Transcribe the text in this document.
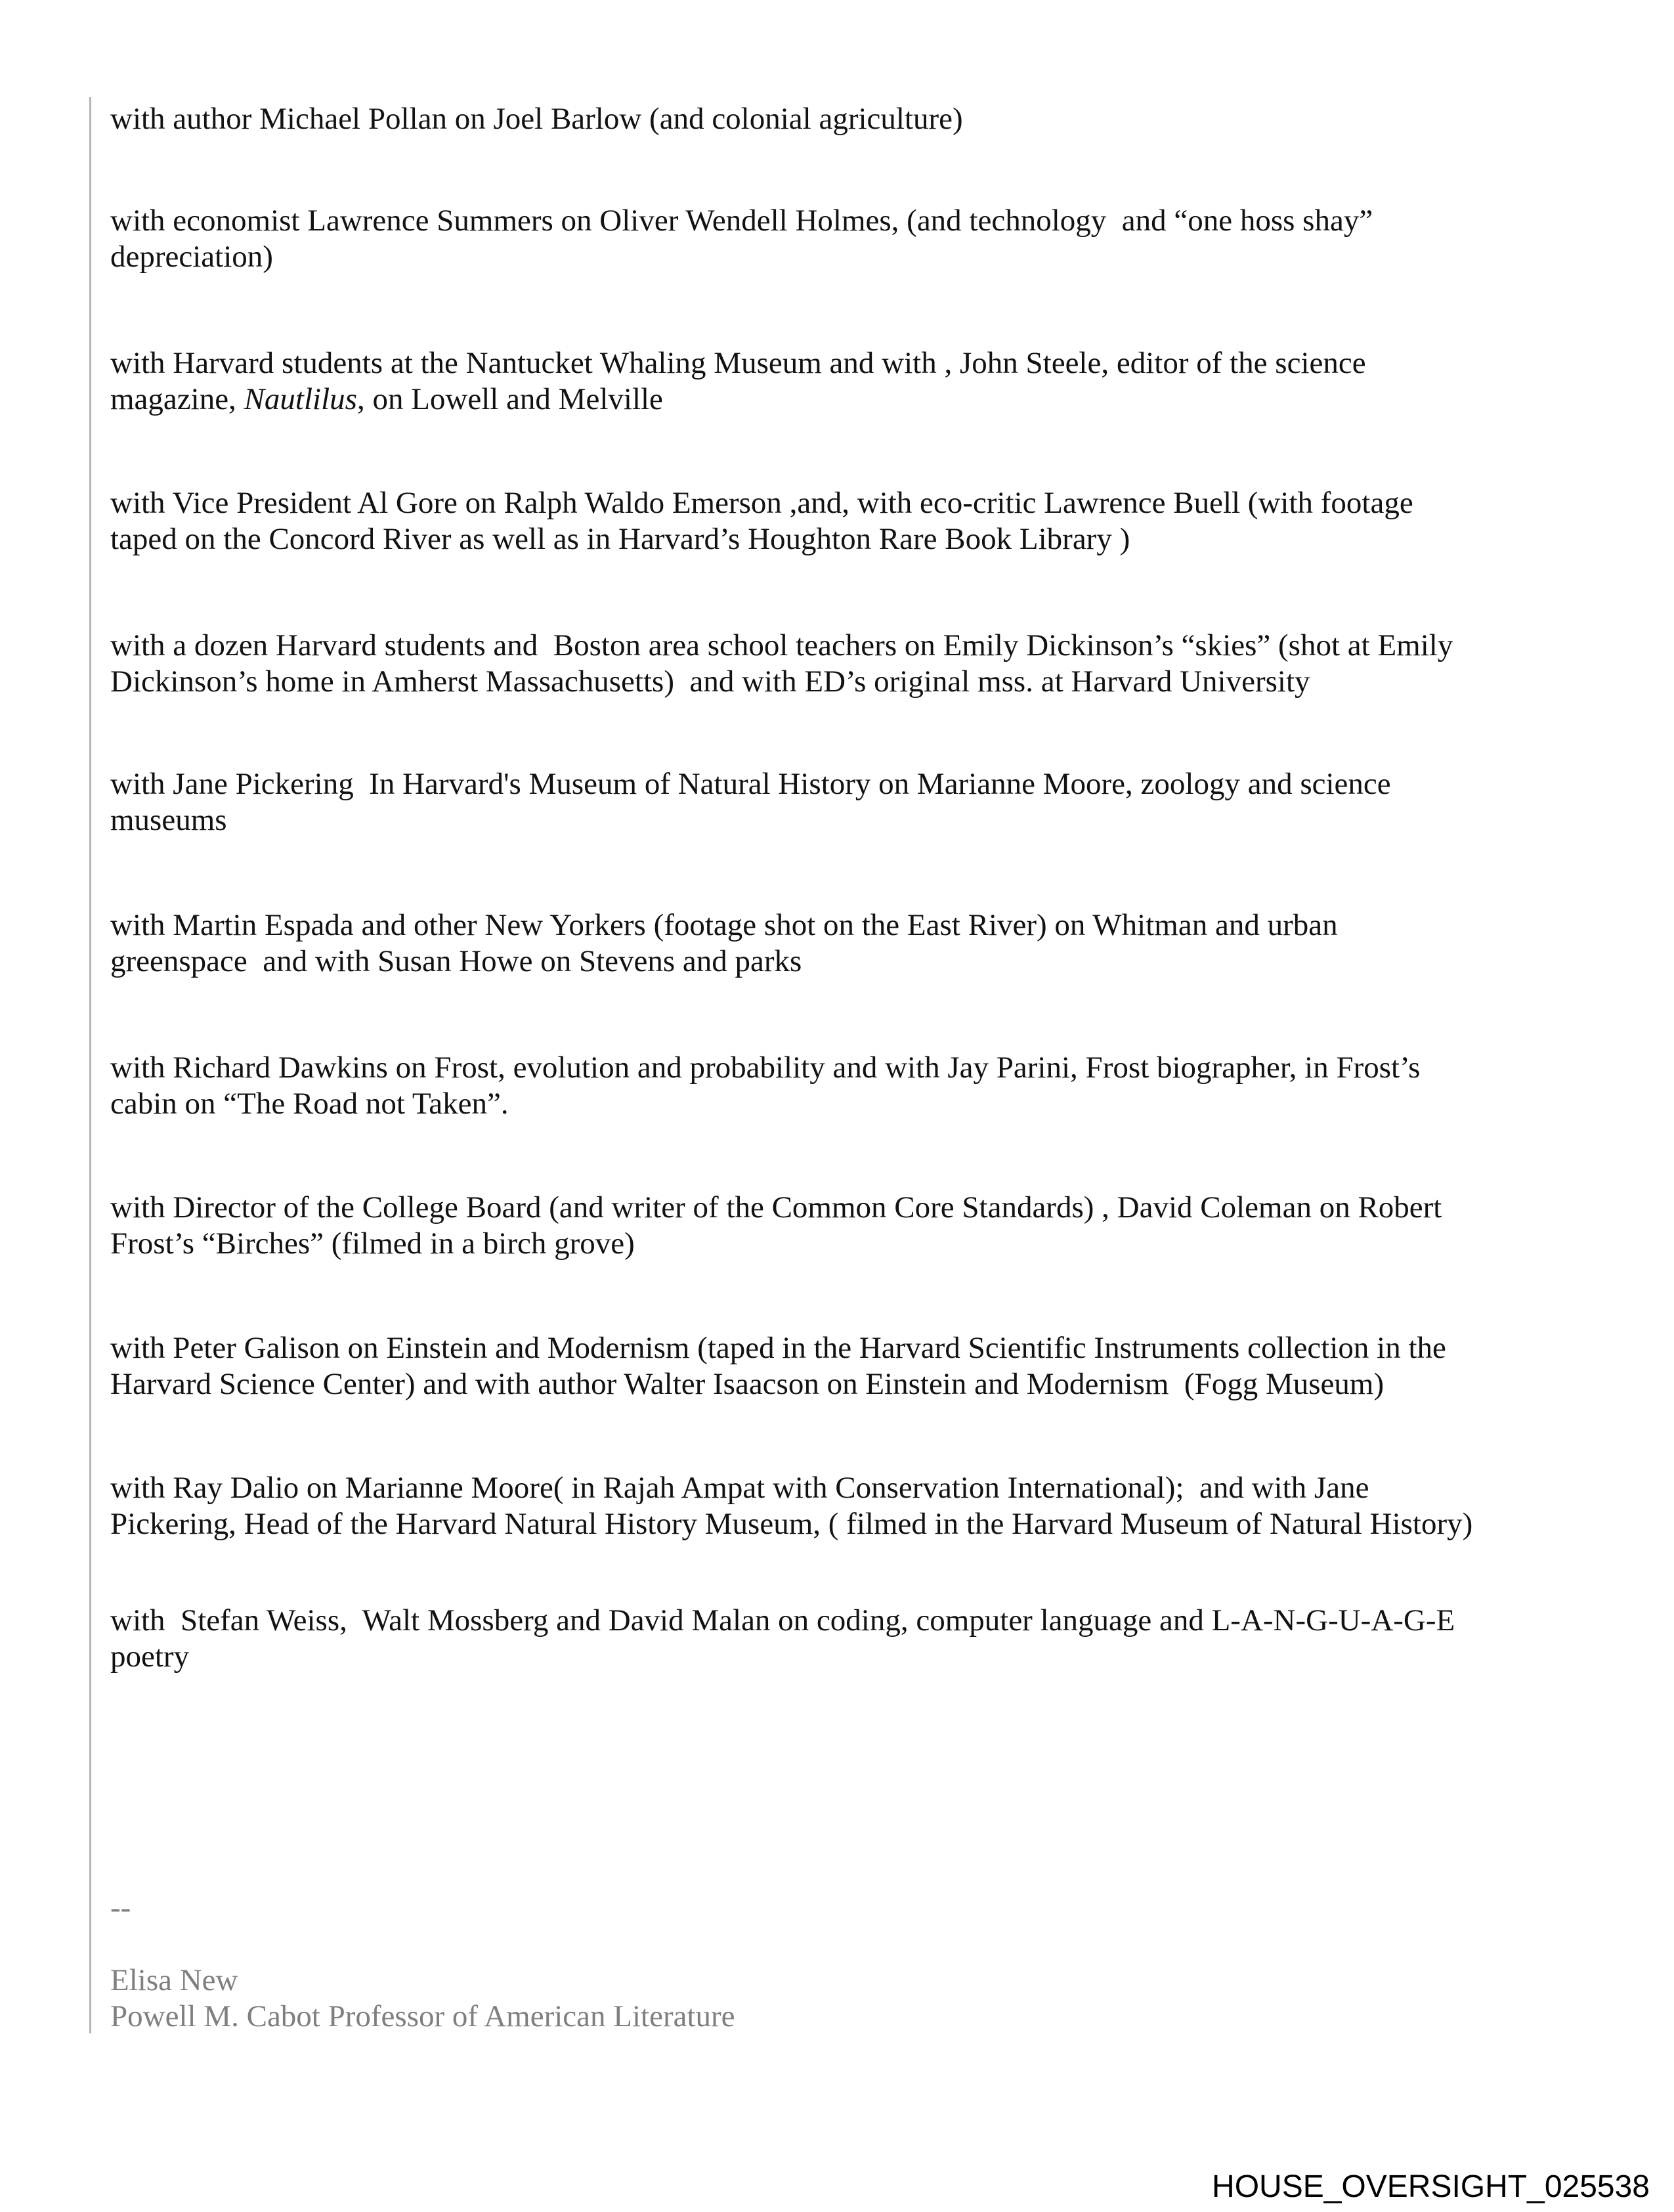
with author Michael Pollan on Joel Barlow (and colonial agriculture)
with economist Lawrence Summers on Oliver Wendell Holmes, (and technology  and “one hoss shay”
depreciation)
with Harvard students at the Nantucket Whaling Museum and with , John Steele, editor of the science
magazine, Nautlilus, on Lowell and Melville
with Vice President Al Gore on Ralph Waldo Emerson ,and, with eco-critic Lawrence Buell (with footage
taped on the Concord River as well as in Harvard’s Houghton Rare Book Library )
with a dozen Harvard students and  Boston area school teachers on Emily Dickinson’s “skies” (shot at Emily
Dickinson’s home in Amherst Massachusetts)  and with ED’s original mss. at Harvard University
with Jane Pickering  In Harvard's Museum of Natural History on Marianne Moore, zoology and science
museums
with Martin Espada and other New Yorkers (footage shot on the East River) on Whitman and urban
greenspace  and with Susan Howe on Stevens and parks
with Richard Dawkins on Frost, evolution and probability and with Jay Parini, Frost biographer, in Frost’s
cabin on “The Road not Taken”.
with Director of the College Board (and writer of the Common Core Standards) , David Coleman on Robert
Frost’s “Birches” (filmed in a birch grove)
with Peter Galison on Einstein and Modernism (taped in the Harvard Scientific Instruments collection in the
Harvard Science Center) and with author Walter Isaacson on Einstein and Modernism  (Fogg Museum)
with Ray Dalio on Marianne Moore( in Rajah Ampat with Conservation International);  and with Jane
Pickering, Head of the Harvard Natural History Museum, ( filmed in the Harvard Museum of Natural History)
with  Stefan Weiss,  Walt Mossberg and David Malan on coding, computer language and L-A-N-G-U-A-G-E
poetry
--

Elisa New
Powell M. Cabot Professor of American Literature
HOUSE_OVERSIGHT_025538
